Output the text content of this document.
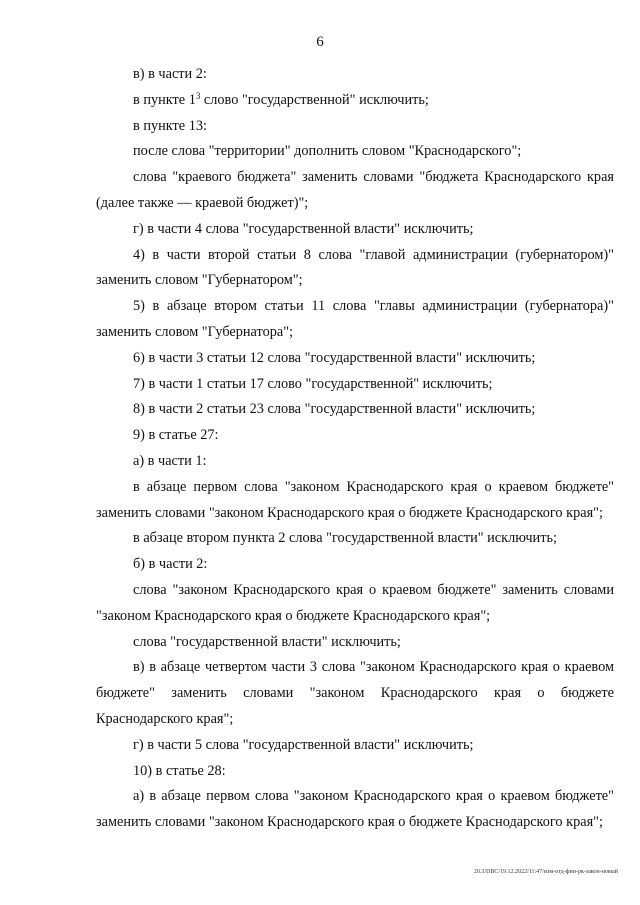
6

в) в части 2:

в пункте $1^3$ слово "государственной" исключить;

в пункте 13:

после слова "территории" дополнить словом "Краснодарского";

слова "краевого бюджета" заменить словами "бюджета Краснодарского края (далее также — краевой бюджет)";

г) в части 4 слова "государственной власти" исключить;

4) в части второй статьи 8 слова "главой администрации (губернатором)" заменить словом "Губернатором";

5) в абзаце втором статьи 11 слова "главы администрации (губернатора)" заменить словом "Губернатора";

6) в части 3 статьи 12 слова "государственной власти" исключить;

7) в части 1 статьи 17 слово "государственной" исключить;

8) в части 2 статьи 23 слова "государственной власти" исключить;

9) в статье 27:

а) в части 1:

в абзаце первом слова "законом Краснодарского края о краевом бюджете" заменить словами "законом Краснодарского края о бюджете Краснодарского края";

в абзаце втором пункта 2 слова "государственной власти" исключить;

б) в части 2:

слова "законом Краснодарского края о краевом бюджете" заменить словами "законом Краснодарского края о бюджете Краснодарского края";

слова "государственной власти" исключить;

в) в абзаце четвертом части 3 слова "законом Краснодарского края о краевом бюджете" заменить словами "законом Краснодарского края о бюджете Краснодарского края";

г) в части 5 слова "государственной власти" исключить;

10) в статье 28:

а) в абзаце первом слова "законом Краснодарского края о краевом бюджете" заменить словами "законом Краснодарского края о бюджете Краснодарского края";

20.3/DBC/19.12.2022/11:47/изм-отд-фин-рк-закон-новый
